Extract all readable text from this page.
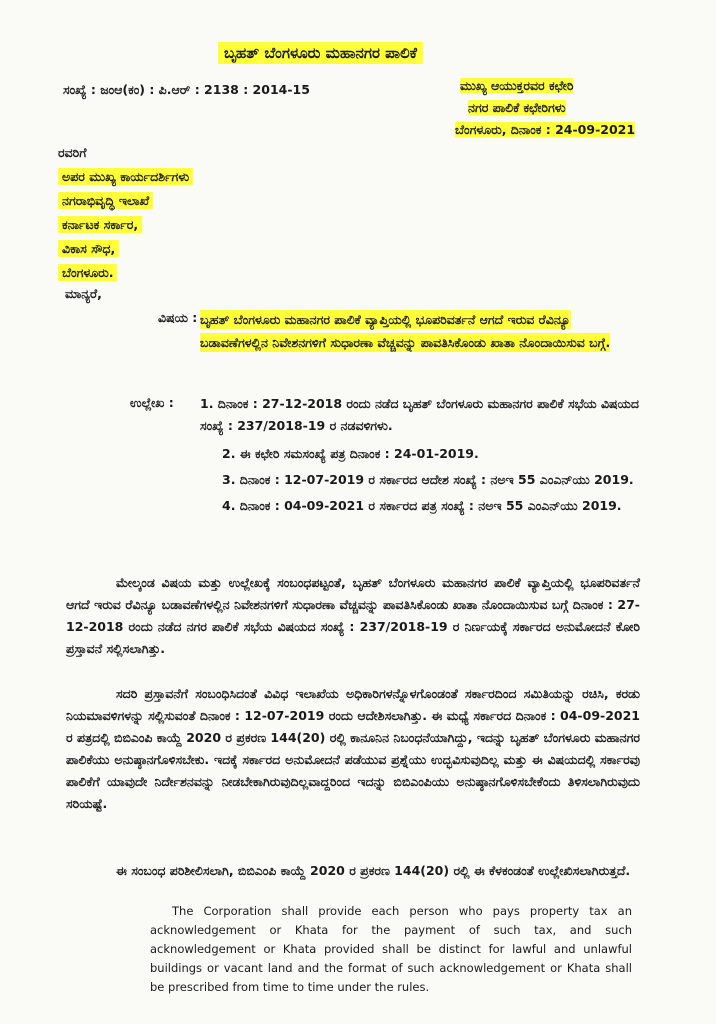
ಬೃಹತ್ ಬೆಂಗಳೂರು ಮಹಾನಗರ ಪಾಲಿಕೆ
ಸಂಖ್ಯೆ : ಜಂಆ(ಕಂ) : ಪಿ.ಆರ್ : 2138 : 2014-15	ಮುಖ್ಯ ಆಯುಕ್ತರವರ ಕಛೇರಿ
ನಗರ ಪಾಲಿಕೆ ಕಛೇರಿಗಳು
ಬೆಂಗಳೂರು, ದಿನಾಂಕ : 24-09-2021
ರವರಿಗೆ
ಅಪರ ಮುಖ್ಯ ಕಾರ್ಯದರ್ಶಿಗಳು
ನಗರಾಭಿವೃದ್ಧಿ ಇಲಾಖೆ
ಕರ್ನಾಟಕ ಸರ್ಕಾರ,
ವಿಕಾಸ ಸೌಧ,
ಬೆಂಗಳೂರು.
ಮಾನ್ಯರೆ,
ವಿಷಯ : ಬೃಹತ್ ಬೆಂಗಳೂರು ಮಹಾನಗರ ಪಾಲಿಕೆ ವ್ಯಾಪ್ತಿಯಲ್ಲಿ ಭೂಪರಿವರ್ತನೆ ಆಗದೆ ಇರುವ ರೆವಿನ್ಯೂ ಬಡಾವಣೆಗಳಲ್ಲಿನ ನಿವೇಶನಗಳಿಗೆ ಸುಧಾರಣಾ ವೆಚ್ಚವನ್ನು ಪಾವತಿಸಿಕೊಂಡು ಖಾತಾ ನೊಂದಾಯಿಸುವ ಬಗ್ಗೆ.
ಉಲ್ಲೇಖ : 1. ದಿನಾಂಕ : 27-12-2018 ರಂದು ನಡೆದ ಬೃಹತ್ ಬೆಂಗಳೂರು ಮಹಾನಗರ ಪಾಲಿಕೆ ಸಭೆಯ ವಿಷಯದ ಸಂಖ್ಯೆ : 237/2018-19 ರ ನಡವಳಿಗಳು.

2. ಈ ಕಛೇರಿ ಸಮಸಂಖ್ಯೆ ಪತ್ರ ದಿನಾಂಕ : 24-01-2019.

3. ದಿನಾಂಕ : 12-07-2019 ರ ಸರ್ಕಾರದ ಆದೇಶ ಸಂಖ್ಯೆ : ನಅಇ 55 ಎಂಎನ್‌ಯು 2019.

4. ದಿನಾಂಕ : 04-09-2021 ರ ಸರ್ಕಾರದ ಪತ್ರ ಸಂಖ್ಯೆ : ನಅಇ 55 ಎಂಎನ್‌ಯು 2019.

ಮೇಲ್ಕಂಡ ವಿಷಯ ಮತ್ತು ಉಲ್ಲೇಖಕ್ಕೆ ಸಂಬಂಧಪಟ್ಟಂತೆ, ಬೃಹತ್ ಬೆಂಗಳೂರು ಮಹಾನಗರ ಪಾಲಿಕೆ ವ್ಯಾಪ್ತಿಯಲ್ಲಿ ಭೂಪರಿವರ್ತನೆ ಆಗದೆ ಇರುವ ರೆವಿನ್ಯೂ ಬಡಾವಣೆಗಳಲ್ಲಿನ ನಿವೇಶನಗಳಿಗೆ ಸುಧಾರಣಾ ವೆಚ್ಚವನ್ನು ಪಾವತಿಸಿಕೊಂಡು ಖಾತಾ ನೊಂದಾಯಿಸುವ ಬಗ್ಗೆ ದಿನಾಂಕ : 27-12-2018 ರಂದು ನಡೆದ ನಗರ ಪಾಲಿಕೆ ಸಭೆಯ ವಿಷಯದ ಸಂಖ್ಯೆ : 237/2018-19 ರ ನಿರ್ಣಯಕ್ಕೆ ಸರ್ಕಾರದ ಅನುಮೋದನೆ ಕೋರಿ ಪ್ರಸ್ತಾವನೆ ಸಲ್ಲಿಸಲಾಗಿತ್ತು.

ಸದರಿ ಪ್ರಸ್ತಾವನೆಗೆ ಸಂಬಂಧಿಸಿದಂತೆ ವಿವಿಧ ಇಲಾಖೆಯ ಅಧಿಕಾರಿಗಳನ್ನೊಳಗೊಂಡಂತೆ ಸರ್ಕಾರದಿಂದ ಸಮಿತಿಯನ್ನು ರಚಿಸಿ, ಕರಡು ನಿಯಮಾವಳಿಗಳನ್ನು ಸಲ್ಲಿಸುವಂತೆ ದಿನಾಂಕ : 12-07-2019 ರಂದು ಆದೇಶಿಸಲಾಗಿತ್ತು. ಈ ಮಧ್ಯೆ ಸರ್ಕಾರದ ದಿನಾಂಕ : 04-09-2021 ರ ಪತ್ರದಲ್ಲಿ ಬಿಬಿಎಂಪಿ ಕಾಯ್ದೆ 2020 ರ ಪ್ರಕರಣ 144(20) ರಲ್ಲಿ ಕಾನೂನಿನ ನಿಬಂಧನೆಯಾಗಿದ್ದು, ಇದನ್ನು ಬೃಹತ್ ಬೆಂಗಳೂರು ಮಹಾನಗರ ಪಾಲಿಕೆಯು ಅನುಷ್ಠಾನಗೊಳಿಸಬೇಕು. ಇದಕ್ಕೆ ಸರ್ಕಾರದ ಅನುಮೋದನೆ ಪಡೆಯುವ ಪ್ರಶ್ನೆಯು ಉದ್ಭವಿಸುವುದಿಲ್ಲ ಮತ್ತು ಈ ವಿಷಯದಲ್ಲಿ ಸರ್ಕಾರವು ಪಾಲಿಕೆಗೆ ಯಾವುದೇ ನಿರ್ದೇಶನವನ್ನು ನೀಡಬೇಕಾಗಿರುವುದಿಲ್ಲವಾದ್ದರಿಂದ ಇದನ್ನು ಬಿಬಿಎಂಪಿಯು ಅನುಷ್ಠಾನಗೊಳಿಸಬೇಕೆಂದು ತಿಳಿಸಲಾಗಿರುವುದು ಸರಿಯಷ್ಟೆ.

ಈ ಸಂಬಂಧ ಪರಿಶೀಲಿಸಲಾಗಿ, ಬಿಬಿಎಂಪಿ ಕಾಯ್ದೆ 2020 ರ ಪ್ರಕರಣ 144(20) ರಲ್ಲಿ ಈ ಕೆಳಕಂಡಂತೆ ಉಲ್ಲೇಖಿಸಲಾಗಿರುತ್ತದೆ.

The Corporation shall provide each person who pays property tax an acknowledgement or Khata for the payment of such tax, and such acknowledgement or Khata provided shall be distinct for lawful and unlawful buildings or vacant land and the format of such acknowledgement or Khata shall be prescribed from time to time under the rules.
